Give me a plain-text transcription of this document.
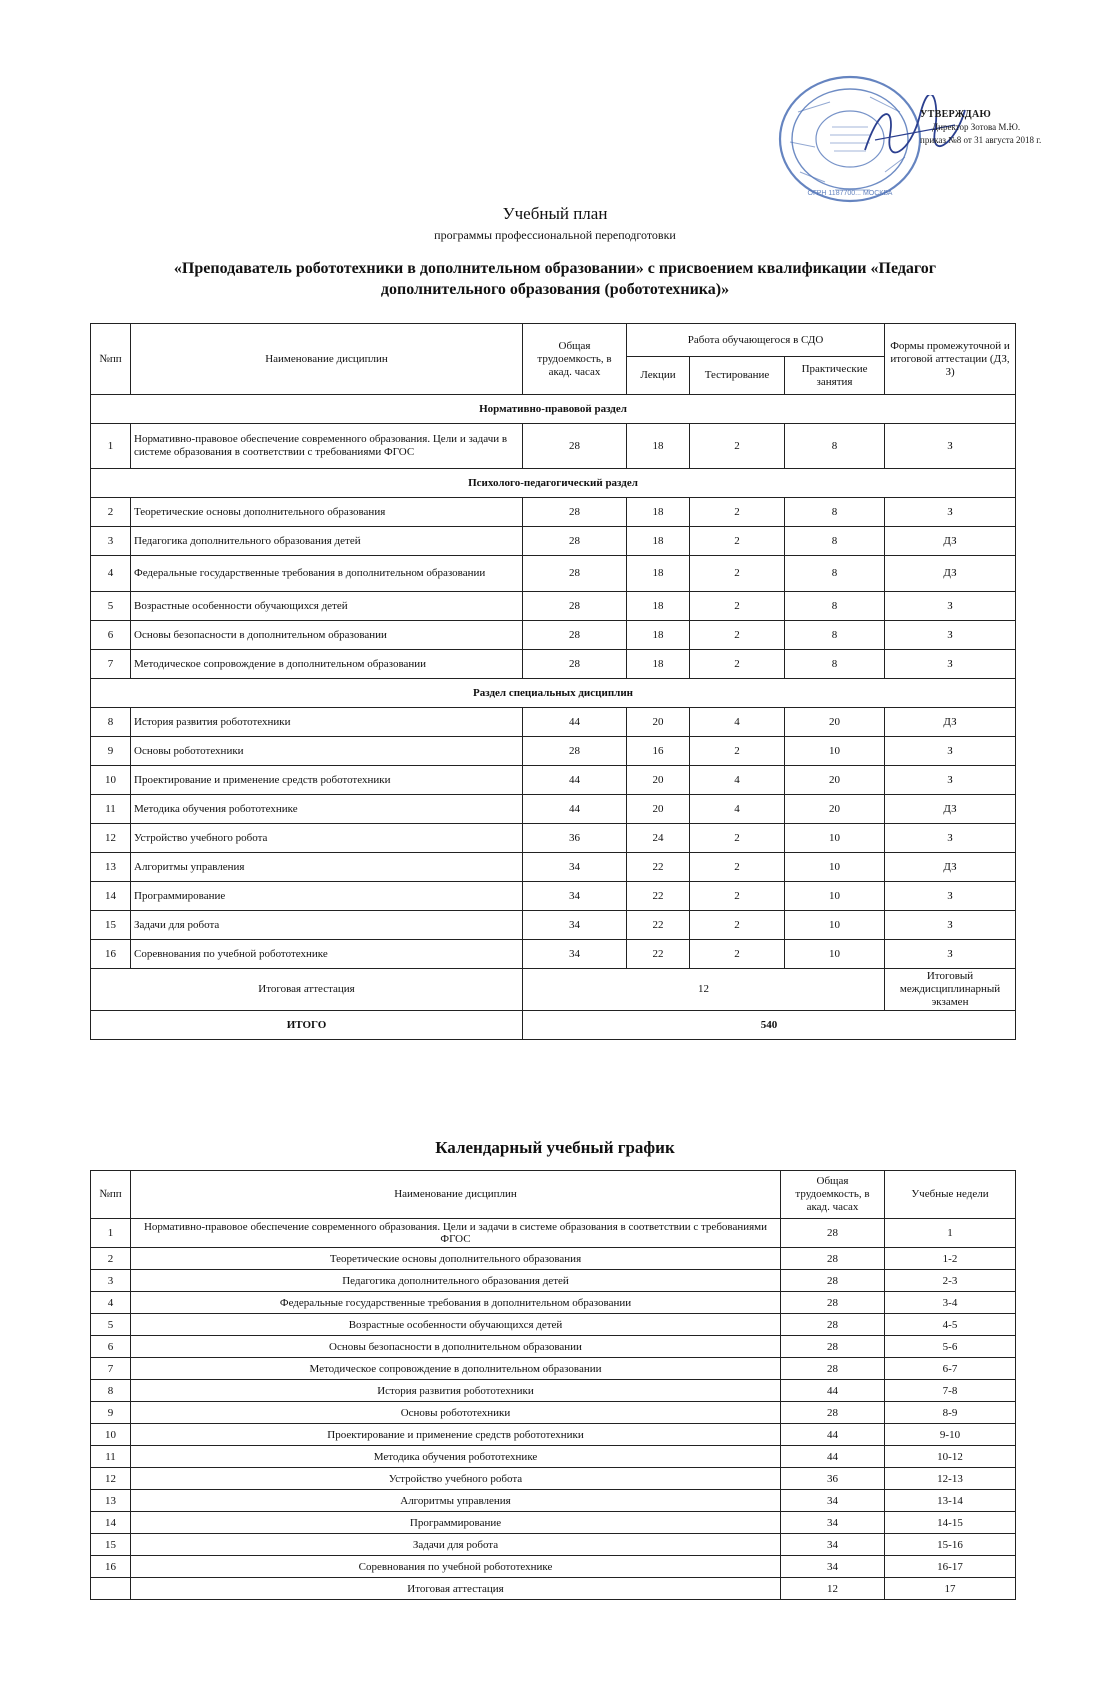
ОГРН 1187700... МОСКВА
УТВЕРЖДАЮ
Директор Зотова М.Ю.
приказ №8 от 31 августа 2018 г.
Учебный план
программы профессиональной переподготовки
«Преподаватель робототехники в дополнительном образовании» с присвоением квалификации «Педагог дополнительного образования (робототехника)»
№пп	Наименование дисциплин	Общая трудоемкость, в акад. часах	Работа обучающегося в СДО			Формы промежуточной и итоговой аттестации (ДЗ, З)
			Лекции	Тестирование	Практические занятия	
Нормативно-правовой раздел						
1	Нормативно-правовое обеспечение современного образования. Цели и задачи в системе образования в соответствии с требованиями ФГОС	28	18	2	8	З
Психолого-педагогический раздел						
2	Теоретические основы дополнительного образования	28	18	2	8	З
3	Педагогика дополнительного образования детей	28	18	2	8	ДЗ
4	Федеральные государственные требования в дополнительном образовании	28	18	2	8	ДЗ
5	Возрастные особенности обучающихся детей	28	18	2	8	З
6	Основы безопасности в дополнительном образовании	28	18	2	8	З
7	Методическое сопровождение в дополнительном образовании	28	18	2	8	З
Раздел специальных дисциплин						
8	История развития робототехники	44	20	4	20	ДЗ
9	Основы робототехники	28	16	2	10	З
10	Проектирование и применение средств робототехники	44	20	4	20	З
11	Методика обучения робототехнике	44	20	4	20	ДЗ
12	Устройство учебного робота	36	24	2	10	З
13	Алгоритмы управления	34	22	2	10	ДЗ
14	Программирование	34	22	2	10	З
15	Задачи для робота	34	22	2	10	З
16	Соревнования по учебной робототехнике	34	22	2	10	З
Итоговая аттестация		12				Итоговый междисциплинарный экзамен
ИТОГО		540				
Календарный учебный график
№пп	Наименование дисциплин	Общая трудоемкость, в акад. часах	Учебные недели
1	Нормативно-правовое обеспечение современного образования. Цели и задачи в системе образования в соответствии с требованиями ФГОС	28	1
2	Теоретические основы дополнительного образования	28	1-2
3	Педагогика дополнительного образования детей	28	2-3
4	Федеральные государственные требования в дополнительном образовании	28	3-4
5	Возрастные особенности обучающихся детей	28	4-5
6	Основы безопасности в дополнительном образовании	28	5-6
7	Методическое сопровождение в дополнительном образовании	28	6-7
8	История развития робототехники	44	7-8
9	Основы робототехники	28	8-9
10	Проектирование и применение средств робототехники	44	9-10
11	Методика обучения робототехнике	44	10-12
12	Устройство учебного робота	36	12-13
13	Алгоритмы управления	34	13-14
14	Программирование	34	14-15
15	Задачи для робота	34	15-16
16	Соревнования по учебной робототехнике	34	16-17
	Итоговая аттестация	12	17
